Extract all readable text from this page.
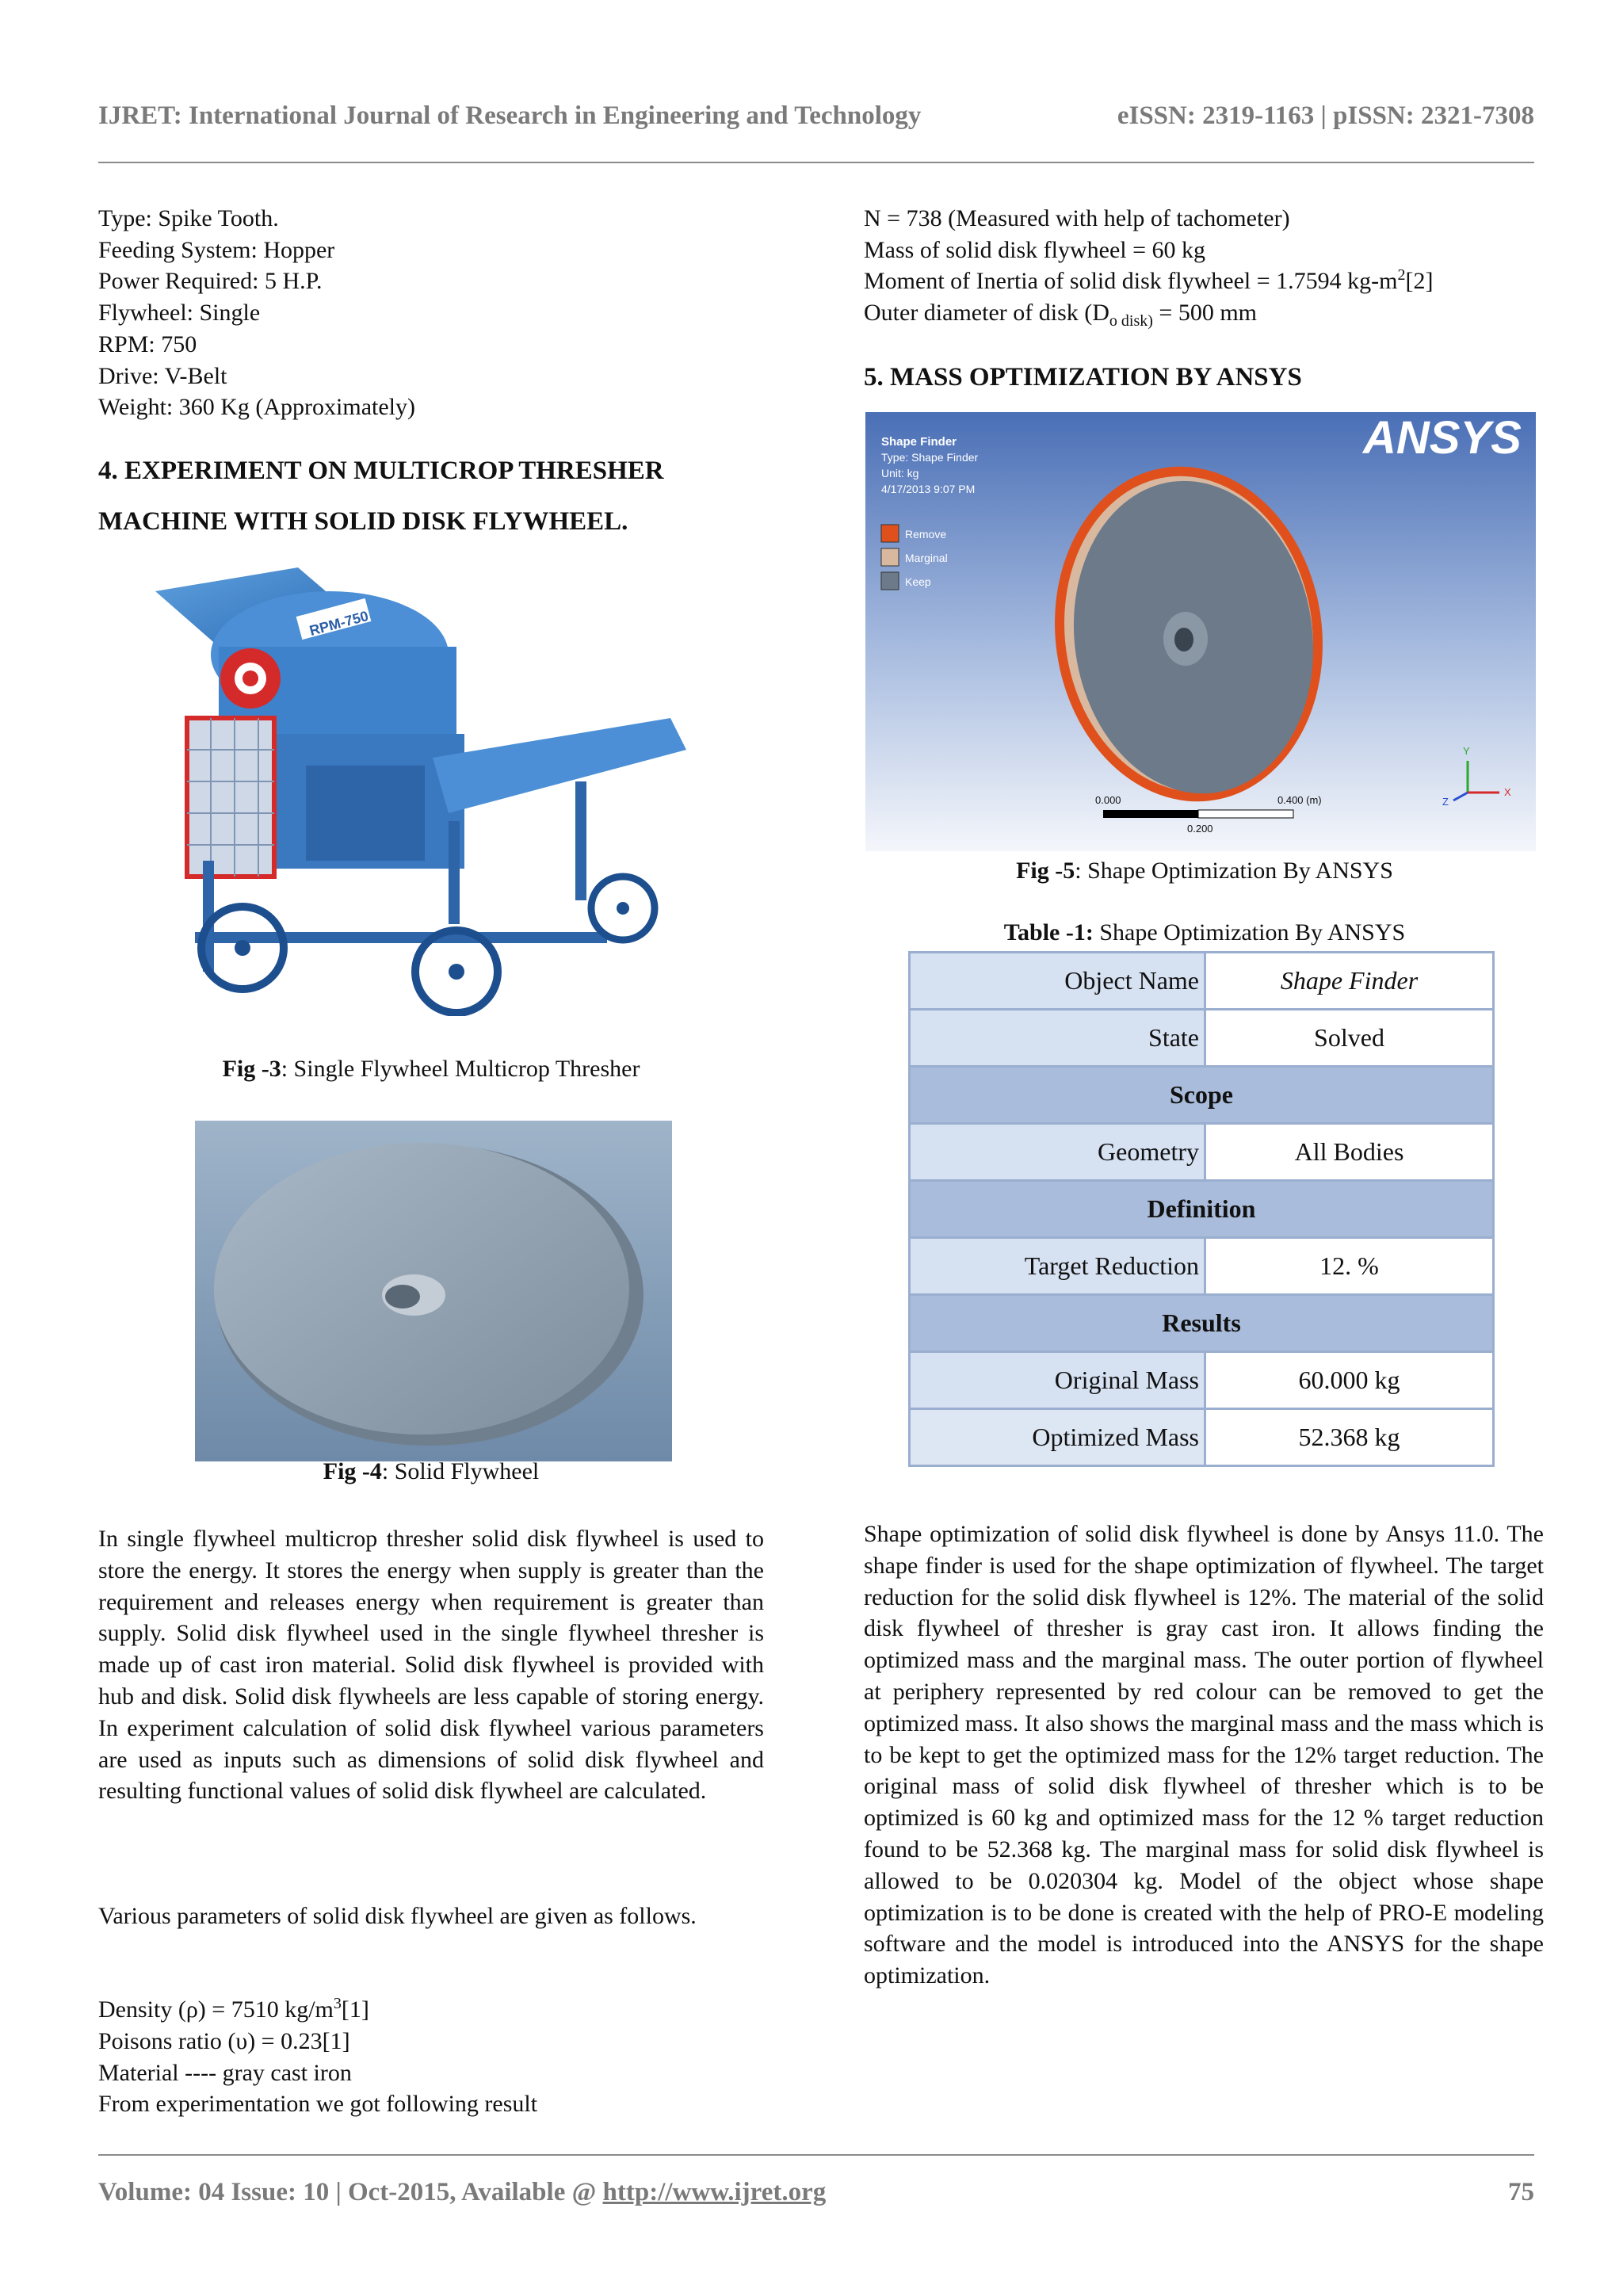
IJRET: International Journal of Research in Engineering and Technology	eISSN: 2319-1163 | pISSN: 2321-7308
Type: Spike Tooth.
Feeding System: Hopper
Power Required: 5 H.P.
Flywheel: Single
RPM: 750
Drive: V-Belt
Weight: 360 Kg (Approximately)
4. EXPERIMENT ON MULTICROP THRESHER
MACHINE WITH SOLID DISK FLYWHEEL.
RPM-750
Fig -3: Single Flywheel Multicrop Thresher
Fig -4: Solid Flywheel
In single flywheel multicrop thresher solid disk flywheel is used to store the energy. It stores the energy when supply is greater than the requirement and releases energy when requirement is greater than supply. Solid disk flywheel used in the single flywheel thresher is made up of cast iron material. Solid disk flywheel is provided with hub and disk. Solid disk flywheels are less capable of storing energy. In experiment calculation of solid disk flywheel various parameters are used as inputs such as dimensions of solid disk flywheel and resulting functional values of solid disk flywheel are calculated.
Various parameters of solid disk flywheel are given as follows.
Density (ρ) = 7510 $kg/m^3[1]$
Poisons ratio (υ) = 0.23[1]
Material ---- gray cast iron
From experimentation we got following result
N = 738 (Measured with help of tachometer)
Mass of solid disk flywheel = 60 kg
Moment of Inertia of solid disk flywheel = 1.7594 $kg-m^2[2]$
Outer diameter of disk ($D_{o disk)} = 500$ mm
5. MASS OPTIMIZATION BY ANSYS
Shape Finder
Type: Shape Finder
Unit: kg
4/17/2013 9:07 PM
Remove
Marginal
Keep
ANSYS
0.000	0.400 (m)
0.200
Y
X
Z
Fig -5: Shape Optimization By ANSYS
Table -1: Shape Optimization By ANSYS
Object Name	Shape Finder
State	Solved
Scope	
Geometry	All Bodies
Definition	
Target Reduction	12. %
Results	
Original Mass	60.000 kg
Optimized Mass	52.368 kg
Shape optimization of solid disk flywheel is done by Ansys 11.0. The shape finder is used for the shape optimization of flywheel. The target reduction for the solid disk flywheel is 12%. The material of the solid disk flywheel of thresher is gray cast iron. It allows finding the optimized mass and the marginal mass. The outer portion of flywheel at periphery represented by red colour can be removed to get the optimized mass. It also shows the marginal mass and the mass which is to be kept to get the optimized mass for the 12% target reduction. The original mass of solid disk flywheel of thresher which is to be optimized is 60 kg and optimized mass for the 12 % target reduction found to be 52.368 kg. The marginal mass for solid disk flywheel is allowed to be 0.020304 kg. Model of the object whose shape optimization is to be done is created with the help of PRO-E modeling software and the model is introduced into the ANSYS for the shape optimization.
Volume: 04 Issue: 10 | Oct-2015, Available @ http://www.ijret.org	75
